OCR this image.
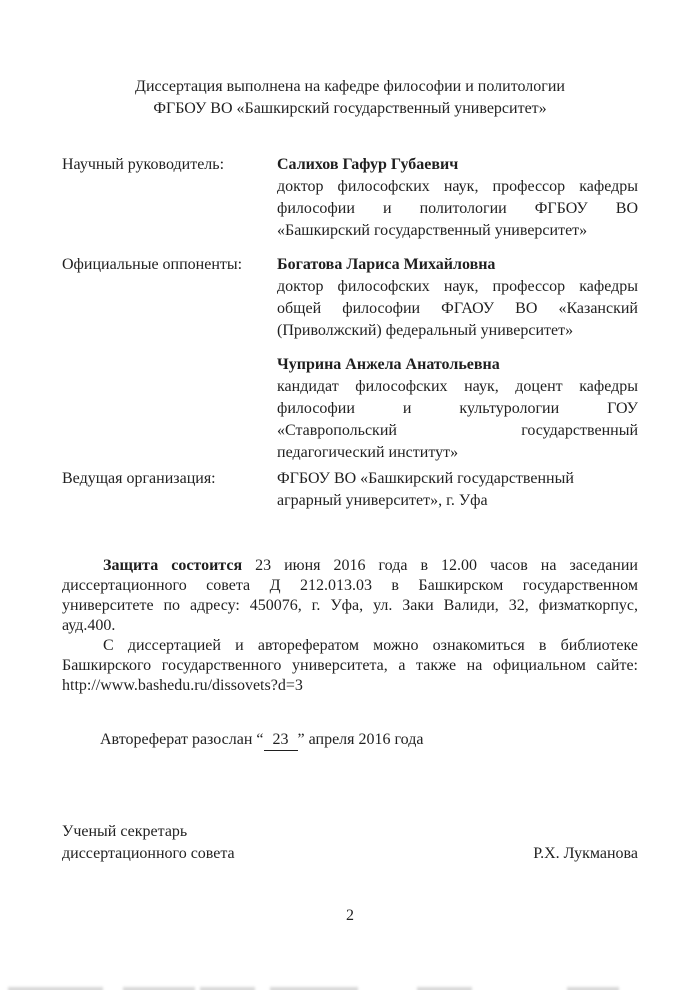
Диссертация выполнена на кафедре философии и политологии
ФГБОУ ВО «Башкирский государственный университет»
Научный руководитель:	Салихов Гафур Губаевич
доктор философских наук, профессор кафедры
философии и политологии ФГБОУ ВО
«Башкирский государственный университет»
Официальные оппоненты:	Богатова Лариса Михайловна
доктор философских наук, профессор кафедры
общей философии ФГАОУ ВО «Казанский
(Приволжский) федеральный университет»
Чуприна Анжела Анатольевна
кандидат философских наук, доцент кафедры
философии и культурологии ГОУ
«Ставропольский государственный
педагогический институт»
Ведущая организация:	ФГБОУ ВО «Башкирский государственный
аграрный университет», г. Уфа
Защита состоится 23 июня 2016 года в 12.00 часов на заседании
диссертационного совета Д 212.013.03 в Башкирском государственном
университете по адресу: 450076, г. Уфа, ул. Заки Валиди, 32, физматкорпус,
ауд.400.
С диссертацией и авторефератом можно ознакомиться в библиотеке
Башкирского государственного университета, а также на официальном сайте:
http://www.bashedu.ru/dissovets?d=3
Автореферат разослан “ 23 ” апреля 2016 года
Ученый секретарь
диссертационного совета	Р.Х. Лукманова
2
